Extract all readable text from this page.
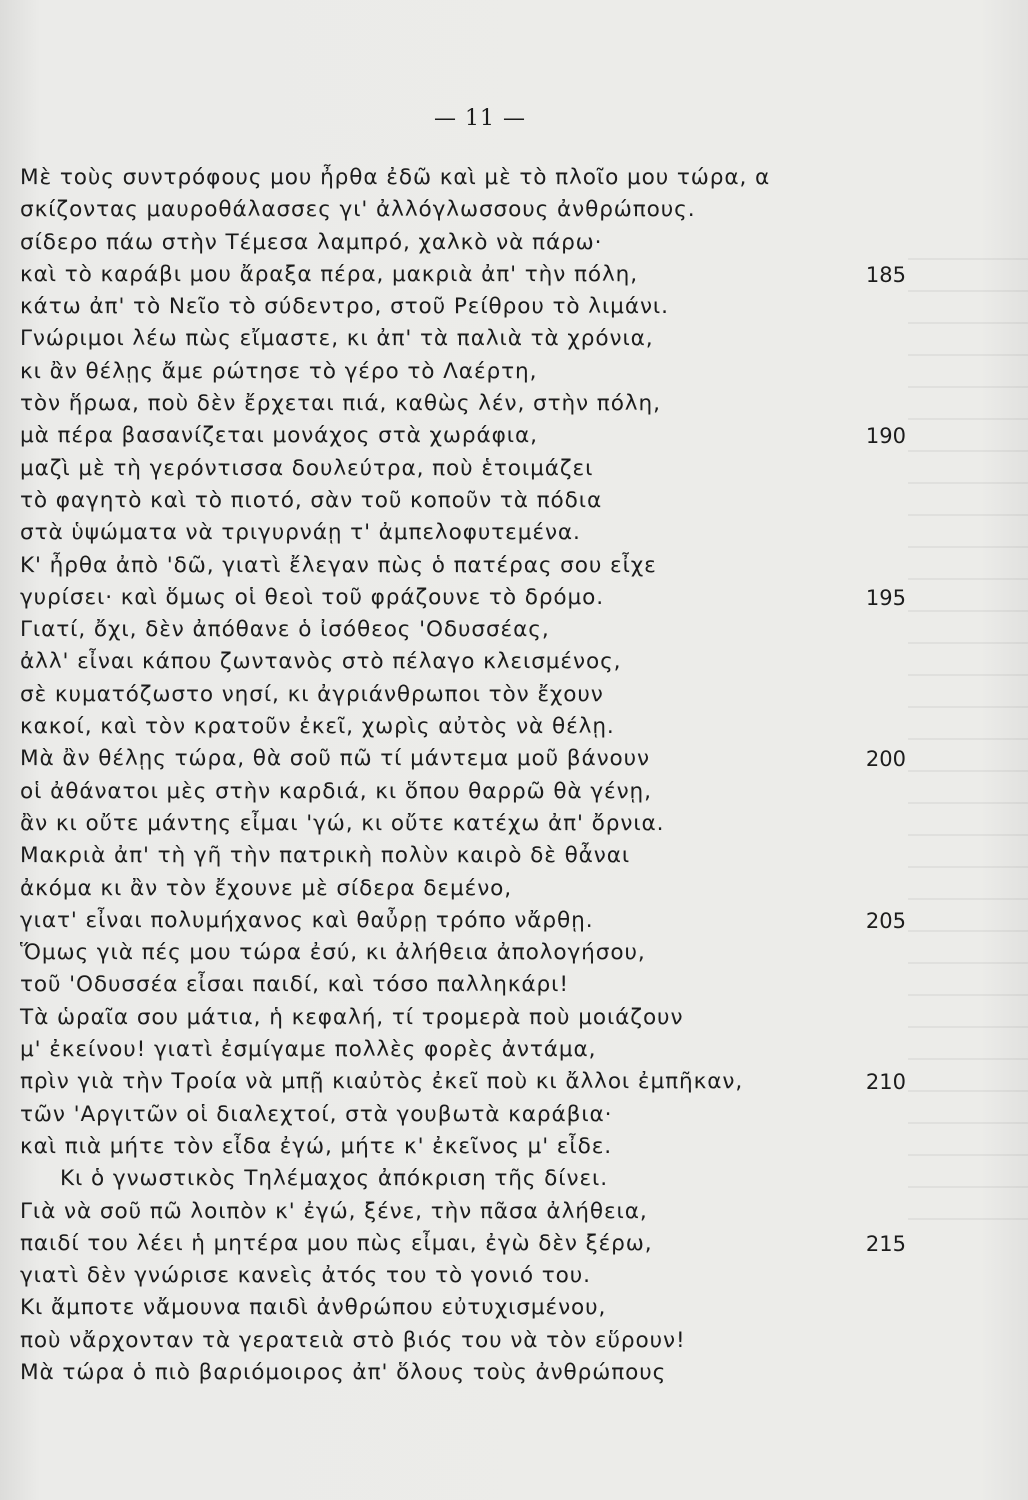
— 11 —
Μὲ τοὺς συντρόφους μου ἦρθα ἐδῶ καὶ μὲ τὸ πλοῖο μου τώρα, α
σκίζοντας μαυροθάλασσες γι' ἀλλόγλωσσους ἀνθρώπους.
σίδερο πάω στὴν Τέμεσα λαμπρό, χαλκὸ νὰ πάρω·
καὶ τὸ καράβι μου ἄραξα πέρα, μακριὰ ἀπ' τὴν πόλη,	185
κάτω ἀπ' τὸ Νεῖο τὸ σύδεντρο, στοῦ Ρείθρου τὸ λιμάνι.
Γνώριμοι λέω πὼς εἴμαστε, κι ἀπ' τὰ παλιὰ τὰ χρόνια,
κι ἂν θέλῃς ἄμε ρώτησε τὸ γέρο τὸ Λαέρτη,
τὸν ἥρωα, ποὺ δὲν ἔρχεται πιά, καθὼς λέν, στὴν πόλη,
μὰ πέρα βασανίζεται μονάχος στὰ χωράφια,	190
μαζὶ μὲ τὴ γερόντισσα δουλεύτρα, ποὺ ἑτοιμάζει
τὸ φαγητὸ καὶ τὸ πιοτό, σὰν τοῦ κοποῦν τὰ πόδια
στὰ ὑψώματα νὰ τριγυρνάῃ τ' ἀμπελοφυτεμένα.
Κ' ἦρθα ἀπὸ 'δῶ, γιατὶ ἔλεγαν πὼς ὁ πατέρας σου εἶχε
γυρίσει· καὶ ὅμως οἱ θεοὶ τοῦ φράζουνε τὸ δρόμο.	195
Γιατί, ὄχι, δὲν ἀπόθανε ὁ ἰσόθεος 'Οδυσσέας,
ἀλλ' εἶναι κάπου ζωντανὸς στὸ πέλαγο κλεισμένος,
σὲ κυματόζωστο νησί, κι ἀγριάνθρωποι τὸν ἔχουν
κακοί, καὶ τὸν κρατοῦν ἐκεῖ, χωρὶς αὐτὸς νὰ θέλῃ.
Μὰ ἂν θέλῃς τώρα, θὰ σοῦ πῶ τί μάντεμα μοῦ βάνουν	200
οἱ ἀθάνατοι μὲς στὴν καρδιά, κι ὅπου θαρρῶ θὰ γένῃ,
ἂν κι οὔτε μάντης εἶμαι 'γώ, κι οὔτε κατέχω ἀπ' ὄρνια.
Μακριὰ ἀπ' τὴ γῆ τὴν πατρικὴ πολὺν καιρὸ δὲ θἆναι
ἀκόμα κι ἂν τὸν ἔχουνε μὲ σίδερα δεμένο,
γιατ' εἶναι πολυμήχανος καὶ θαὖρῃ τρόπο νἄρθῃ.	205
Ὅμως γιὰ πές μου τώρα ἐσύ, κι ἀλήθεια ἀπολογήσου,
τοῦ 'Οδυσσέα εἶσαι παιδί, καὶ τόσο παλληκάρι!
Τὰ ὡραῖα σου μάτια, ἡ κεφαλή, τί τρομερὰ ποὺ μοιάζουν
μ' ἐκείνου! γιατὶ ἐσμίγαμε πολλὲς φορὲς ἀντάμα,
πρὶν γιὰ τὴν Τροία νὰ μπῇ κιαὐτὸς ἐκεῖ ποὺ κι ἄλλοι ἐμπῆκαν,	210
τῶν 'Αργιτῶν οἱ διαλεχτοί, στὰ γουβωτὰ καράβια·
καὶ πιὰ μήτε τὸν εἶδα ἐγώ, μήτε κ' ἐκεῖνος μ' εἶδε.
Κι ὁ γνωστικὸς Τηλέμαχος ἀπόκριση τῆς δίνει.
Γιὰ νὰ σοῦ πῶ λοιπὸν κ' ἐγώ, ξένε, τὴν πᾶσα ἀλήθεια,
παιδί του λέει ἡ μητέρα μου πὼς εἶμαι, ἐγὼ δὲν ξέρω,	215
γιατὶ δὲν γνώρισε κανεὶς ἀτός του τὸ γονιό του.
Κι ἄμποτε νἄμουνα παιδὶ ἀνθρώπου εὐτυχισμένου,
ποὺ νἄρχονταν τὰ γερατειὰ στὸ βιός του νὰ τὸν εὕρουν!
Μὰ τώρα ὁ πιὸ βαριόμοιρος ἀπ' ὅλους τοὺς ἀνθρώπους
